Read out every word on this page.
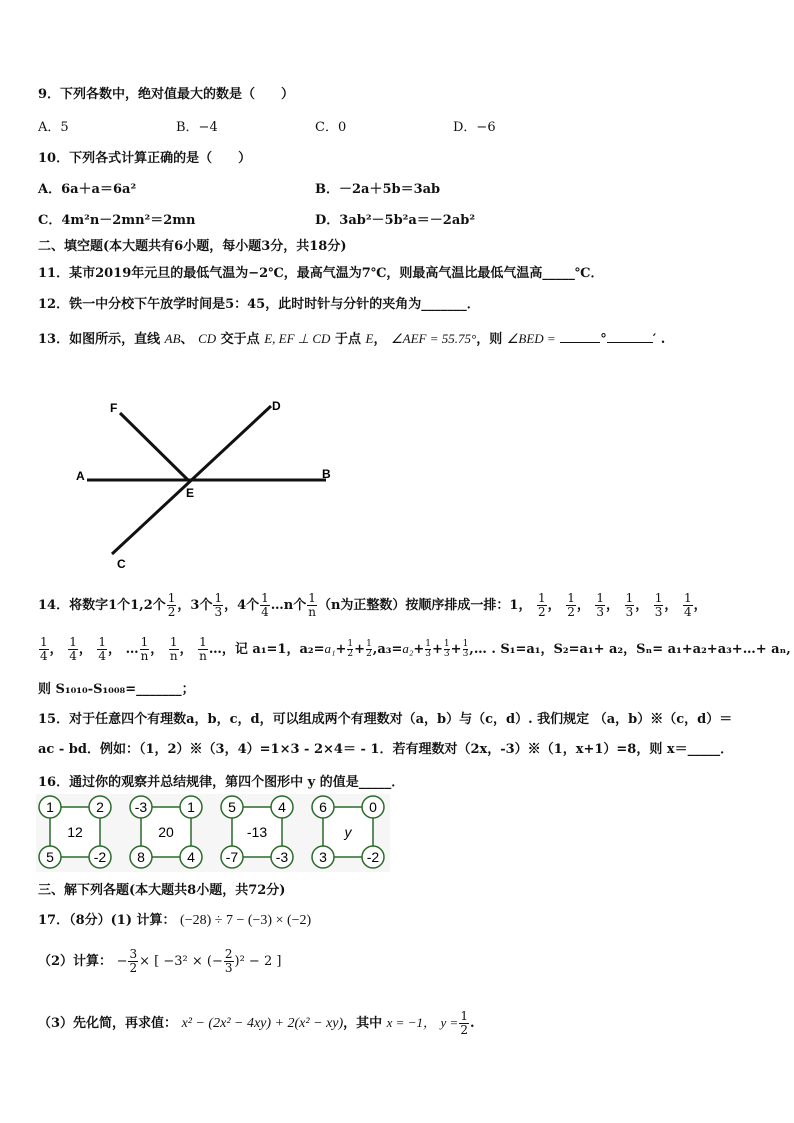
9．下列各数中，绝对值最大的数是（　　）
A．5	B．−4	C．0	D．−6
10．下列各式计算正确的是（　　）
A．6a＋a＝6a²	B．－2a＋5b＝3ab
C．4m²n－2mn²＝2mn	D．3ab²－5b²a＝－2ab²
二、填空题(本大题共有6小题，每小题3分，共18分)
11．某市2019年元旦的最低气温为−2℃，最高气温为7℃，则最高气温比最低气温高_____℃．
12．铁一中分校下午放学时间是5：45，此时时针与分针的夹角为_______．
13．如图所示，直线 AB、 CD 交于点 E, EF ⊥ CD 于点 E， ∠AEF = 55.75°，则 ∠BED =	°	′ .
F	D
A	B
E
C
14．将数字1个1,2个 $\frac{1}{2}$ ，3个 $\frac{1}{3}$ ，4个 $\frac{1}{4}$ …n个 $\frac{1}{n} (n$为正整数）按顺序排成一排：1， $\frac{1}{2}$ ， $\frac{1}{2}$ ， $\frac{1}{3}$ ， $\frac{1}{3}$ ， $\frac{1}{3}$ ， $\frac{1}{4}$ ，
$\frac{1}{4}$ ， $\frac{1}{4}$ ， $\frac{1}{4}$ ， … $\frac{1}{n}$ ， $\frac{1}{n}$ ， $\frac{1}{n}$ …，记 a₁=1，$a_2=a_1+ \frac{1}{2}+ \frac{1}{2},a_3=a_2+ \frac{1}{3}+ \frac{1}{3}+$ $\frac{1}{3},\dots$ . S₁=a₁，S₂=a₁+ a₂，Sₙ= a₁+a₂+a₃+…+ aₙ,
则 S₁₀₁₀-S₁₀₀₈=_______；
15．对于任意四个有理数a，b，c，d，可以组成两个有理数对（a，b）与（c，d）. 我们规定 （a，b）※（c，d）＝
ac - bd．例如：（1，2）※（3，4）=1×3 - 2×4＝ - 1．若有理数对（2x，-3）※（1，x+1）=8，则 x＝_____．
16．通过你的观察并总结规律，第四个图形中 y 的值是_____．
1	2
5	-2
12
-3	1
8	4
20
5	4
-7	-3
-13
6	0
3	-2
y
三、解下列各题(本大题共8小题，共72分)
17．（8分）(1) 计算： (−28) ÷ 7 − (−3) × (−2)
（2）计算： − $\frac{3}{2}$ × [ −3² × (− $\frac{2}{3} )^2 - 2$ ]
（3）先化简，再求值： x² − (2x² − 4xy) + 2(x² − xy)，其中 x = −1， $y = \frac{1}{2}$ .
